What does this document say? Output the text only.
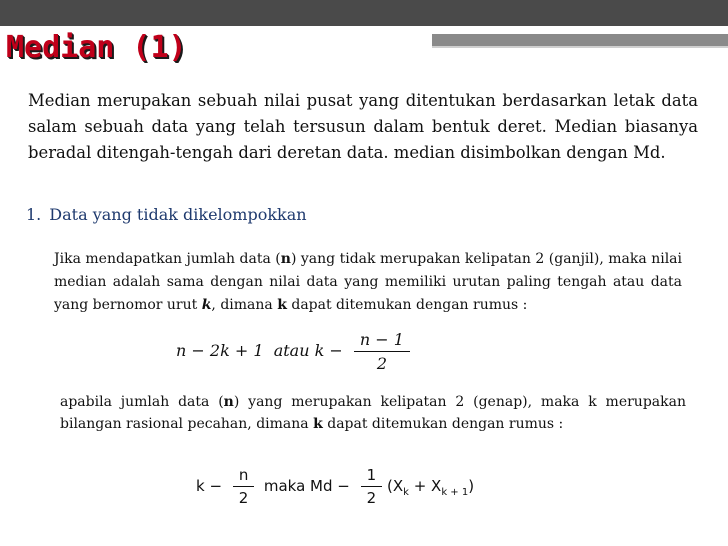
Median (1)

Median merupakan sebuah nilai pusat yang ditentukan berdasarkan letak data salam sebuah data yang telah tersusun dalam bentuk deret. Median biasanya beradal ditengah-tengah dari deretan data. median disimbolkan dengan Md.

1. Data yang tidak dikelompokkan

Jika mendapatkan jumlah data (n) yang tidak merupakan kelipatan 2 (ganjil), maka nilai median adalah sama dengan nilai data yang memiliki urutan paling tengah atau data yang bernomor urut k, dimana k dapat ditemukan dengan rumus :

n − 2k + 1 atau $k - \frac{n - 1}{2}$

apabila jumlah data (n) yang merupakan kelipatan 2 (genap), maka k merupakan bilangan rasional pecahan, dimana k dapat ditemukan dengan rumus :

$k - \frac{n}{2}$ maka $Md - \frac{1}{2} (X_k + X_{k + 1})$
